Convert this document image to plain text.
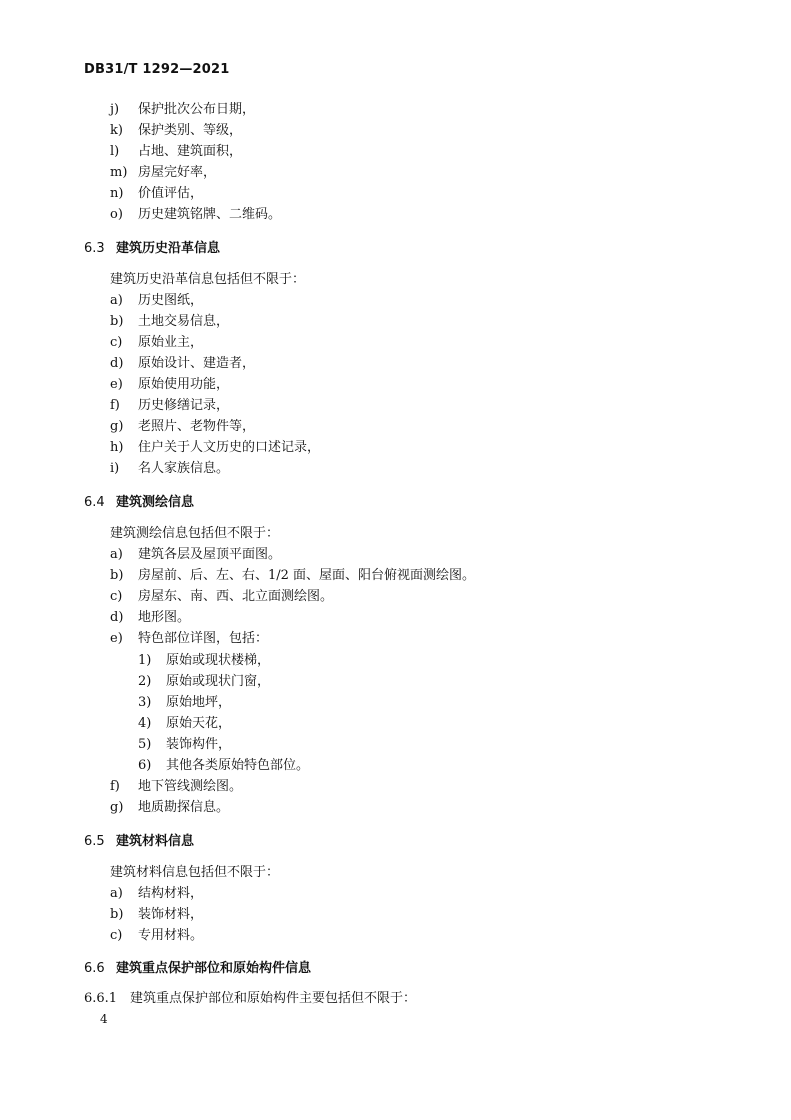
DB31/T 1292—2021
j) 保护批次公布日期，
k) 保护类别、等级，
l) 占地、建筑面积，
m) 房屋完好率，
n) 价值评估，
o) 历史建筑铭牌、二维码。
6.3 建筑历史沿革信息
建筑历史沿革信息包括但不限于：
a) 历史图纸，
b) 土地交易信息，
c) 原始业主，
d) 原始设计、建造者，
e) 原始使用功能，
f) 历史修缮记录，
g) 老照片、老物件等，
h) 住户关于人文历史的口述记录，
i) 名人家族信息。
6.4 建筑测绘信息
建筑测绘信息包括但不限于：
a) 建筑各层及屋顶平面图。
b) 房屋前、后、左、右、1/2 面、屋面、阳台俯视面测绘图。
c) 房屋东、南、西、北立面测绘图。
d) 地形图。
e) 特色部位详图，包括：
1) 原始或现状楼梯，
2) 原始或现状门窗，
3) 原始地坪，
4) 原始天花，
5) 装饰构件，
6) 其他各类原始特色部位。
f) 地下管线测绘图。
g) 地质勘探信息。
6.5 建筑材料信息
建筑材料信息包括但不限于：
a) 结构材料，
b) 装饰材料，
c) 专用材料。
6.6 建筑重点保护部位和原始构件信息
6.6.1 建筑重点保护部位和原始构件主要包括但不限于：
4
